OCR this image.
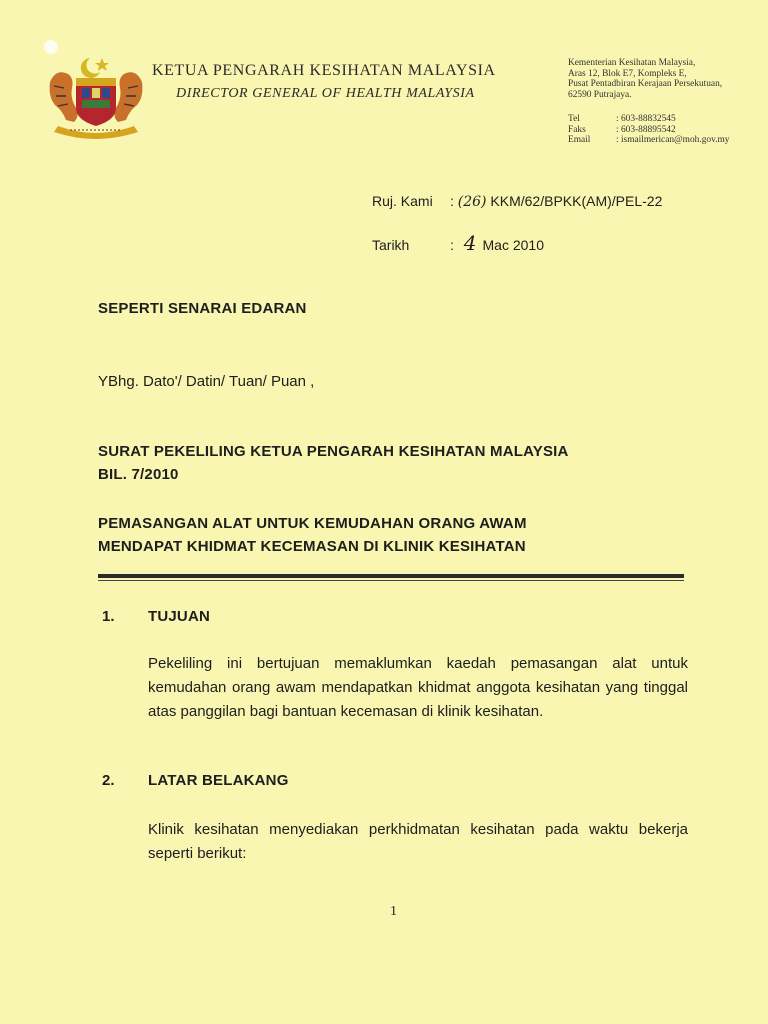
KETUA PENGARAH KESIHATAN MALAYSIA
DIRECTOR GENERAL OF HEALTH MALAYSIA
Kementerian Kesihatan Malaysia,
Aras 12, Blok E7, Kompleks E,
Pusat Pentadbiran Kerajaan Persekutuan,
62590 Putrajaya.
Tel	: 603-88832545
Faks	: 603-88895542
Email	: ismailmerican@moh.gov.my
Ruj. Kami : (26) KKM/62/BPKK(AM)/PEL-22
Tarikh	: 4 Mac 2010
SEPERTI SENARAI EDARAN
YBhg. Dato'/ Datin/ Tuan/ Puan ,
SURAT PEKELILING KETUA PENGARAH KESIHATAN MALAYSIA
BIL. 7/2010
PEMASANGAN ALAT UNTUK KEMUDAHAN ORANG AWAM
MENDAPAT KHIDMAT KECEMASAN DI KLINIK KESIHATAN
1. TUJUAN
Pekeliling ini bertujuan memaklumkan kaedah pemasangan alat untuk kemudahan orang awam mendapatkan khidmat anggota kesihatan yang tinggal atas panggilan bagi bantuan kecemasan di klinik kesihatan.
2. LATAR BELAKANG
Klinik kesihatan menyediakan perkhidmatan kesihatan pada waktu bekerja seperti berikut:
1
